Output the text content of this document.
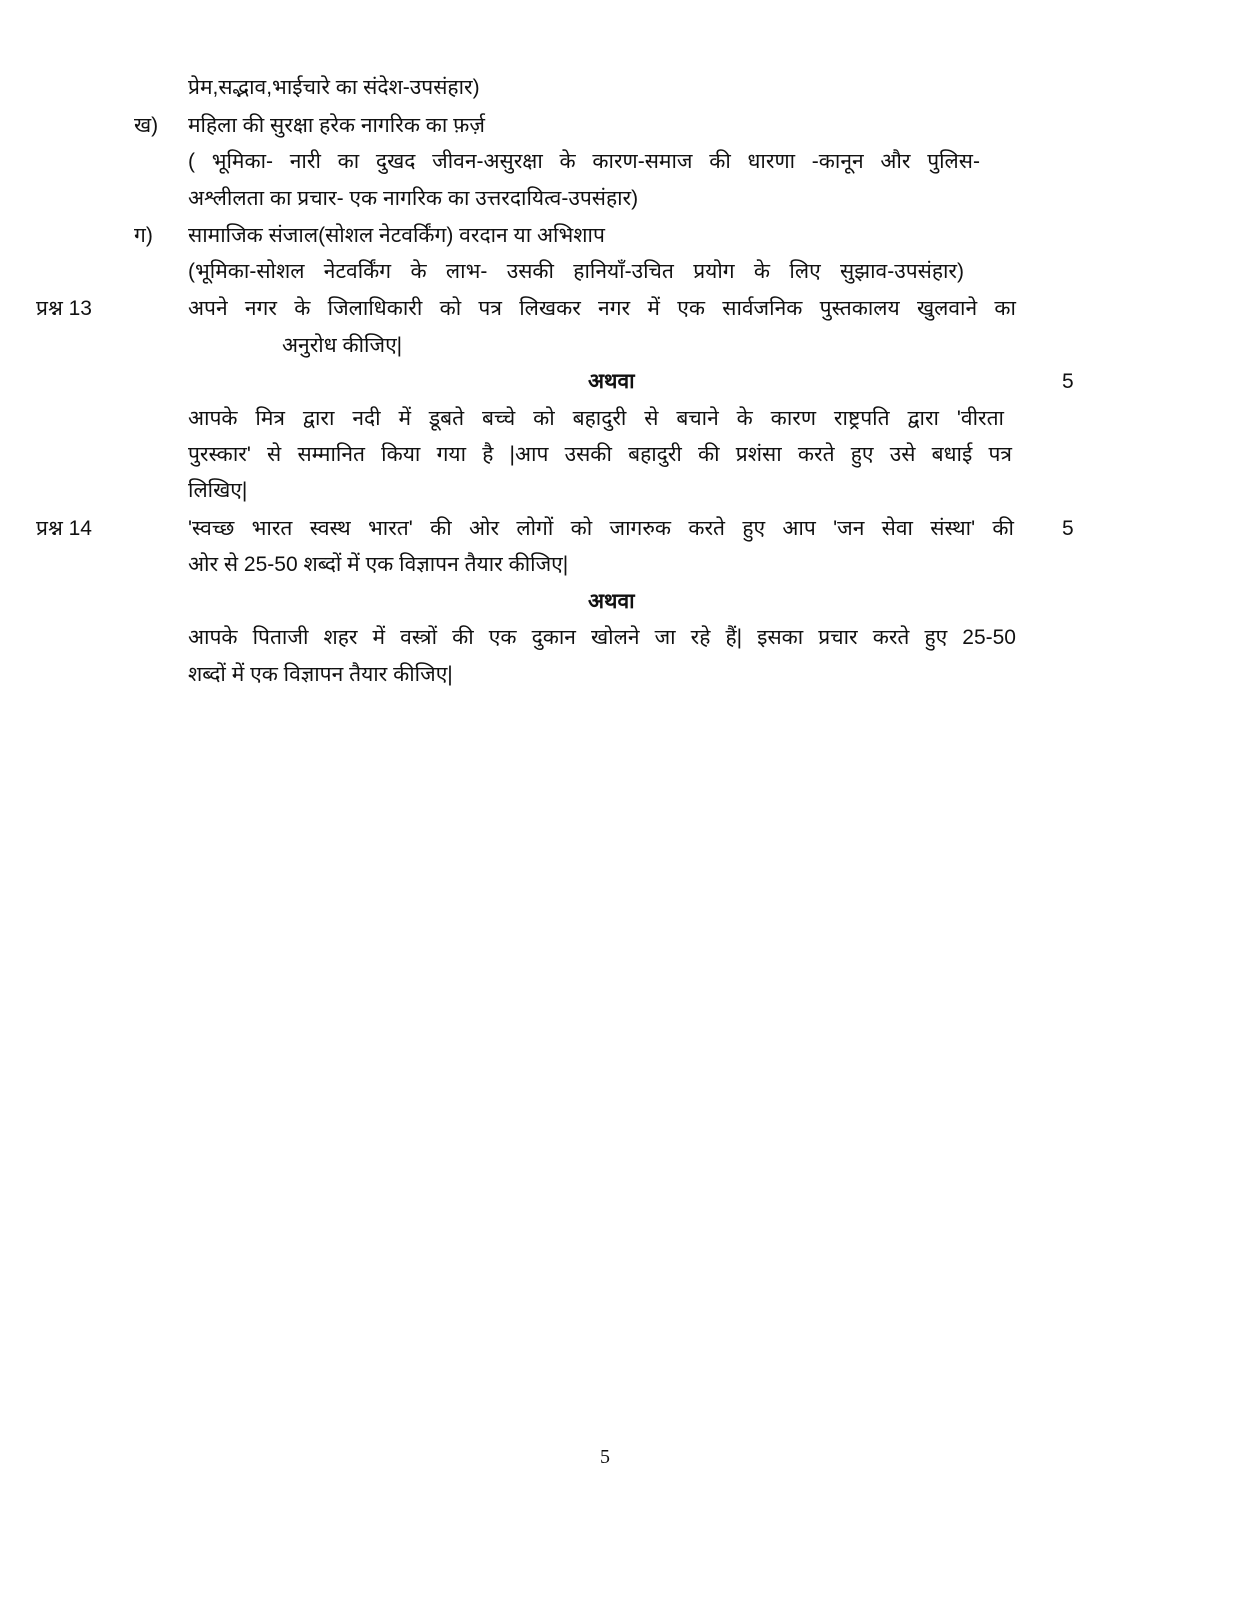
प्रेम,सद्भाव,भाईचारे का संदेश-उपसंहार)
ख) महिला की सुरक्षा हरेक नागरिक का फ़र्ज़
( भूमिका- नारी का दुखद जीवन-असुरक्षा के कारण-समाज की धारणा -कानून और पुलिस-
अश्लीलता का प्रचार- एक नागरिक का उत्तरदायित्व-उपसंहार)
ग) सामाजिक संजाल(सोशल नेटवर्किंग) वरदान या अभिशाप
(भूमिका-सोशल नेटवर्किंग के लाभ- उसकी हानियाँ-उचित प्रयोग के लिए सुझाव-उपसंहार)
प्रश्न 13	अपने नगर के जिलाधिकारी को पत्र लिखकर नगर में एक सार्वजनिक पुस्तकालय खुलवाने का
अनुरोध कीजिए|
अथवा	5
आपके मित्र द्वारा नदी में डूबते बच्चे को बहादुरी से बचाने के कारण राष्ट्रपति द्वारा 'वीरता
पुरस्कार' से सम्मानित किया गया है |आप उसकी बहादुरी की प्रशंसा करते हुए उसे बधाई पत्र
लिखिए|
प्रश्न 14	'स्वच्छ भारत स्वस्थ भारत' की ओर लोगों को जागरुक करते हुए आप 'जन सेवा संस्था' की 5
ओर से 25-50 शब्दों में एक विज्ञापन तैयार कीजिए|
अथवा
आपके पिताजी शहर में वस्त्रों की एक दुकान खोलने जा रहे हैं| इसका प्रचार करते हुए 25-50
शब्दों में एक विज्ञापन तैयार कीजिए|
5
